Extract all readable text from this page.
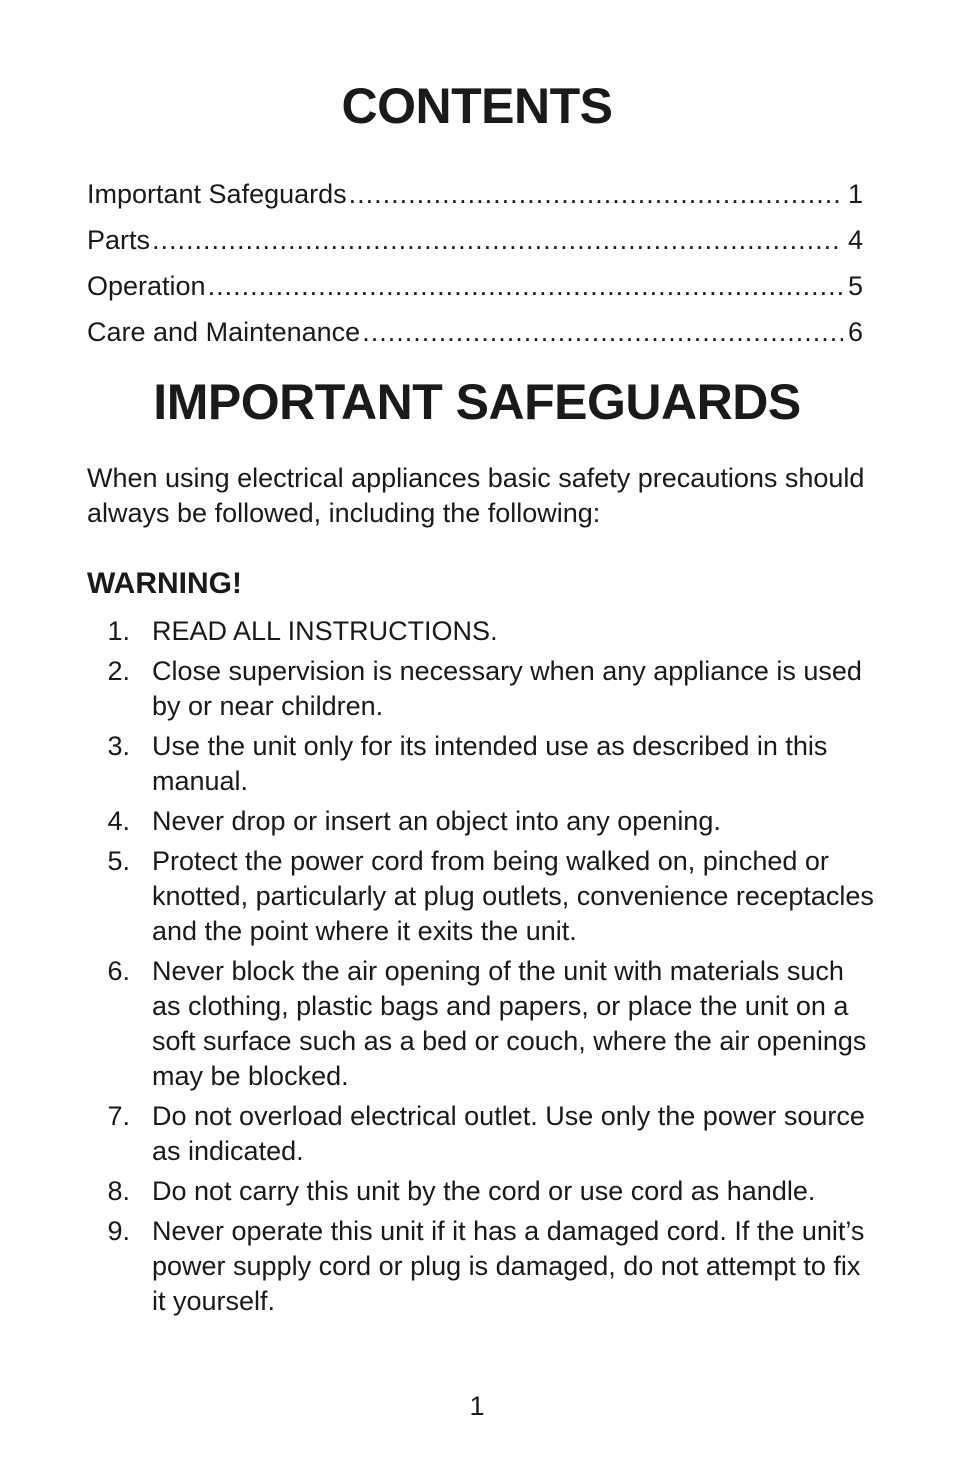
CONTENTS
Important Safeguards .....	1
Parts .....	4
Operation .....	5
Care and Maintenance .....	6
IMPORTANT SAFEGUARDS

When using electrical appliances basic safety precautions should always be followed, including the following:

WARNING!
1. READ ALL INSTRUCTIONS.
2. Close supervision is necessary when any appliance is used by or near children.
3. Use the unit only for its intended use as described in this manual.
4. Never drop or insert an object into any opening.
5. Protect the power cord from being walked on, pinched or knotted, particularly at plug outlets, convenience receptacles and the point where it exits the unit.
6. Never block the air opening of the unit with materials such as clothing, plastic bags and papers, or place the unit on a soft surface such as a bed or couch, where the air openings may be blocked.
7. Do not overload electrical outlet. Use only the power source as indicated.
8. Do not carry this unit by the cord or use cord as handle.
9. Never operate this unit if it has a damaged cord. If the unit’s power supply cord or plug is damaged, do not attempt to fix it yourself.
1
